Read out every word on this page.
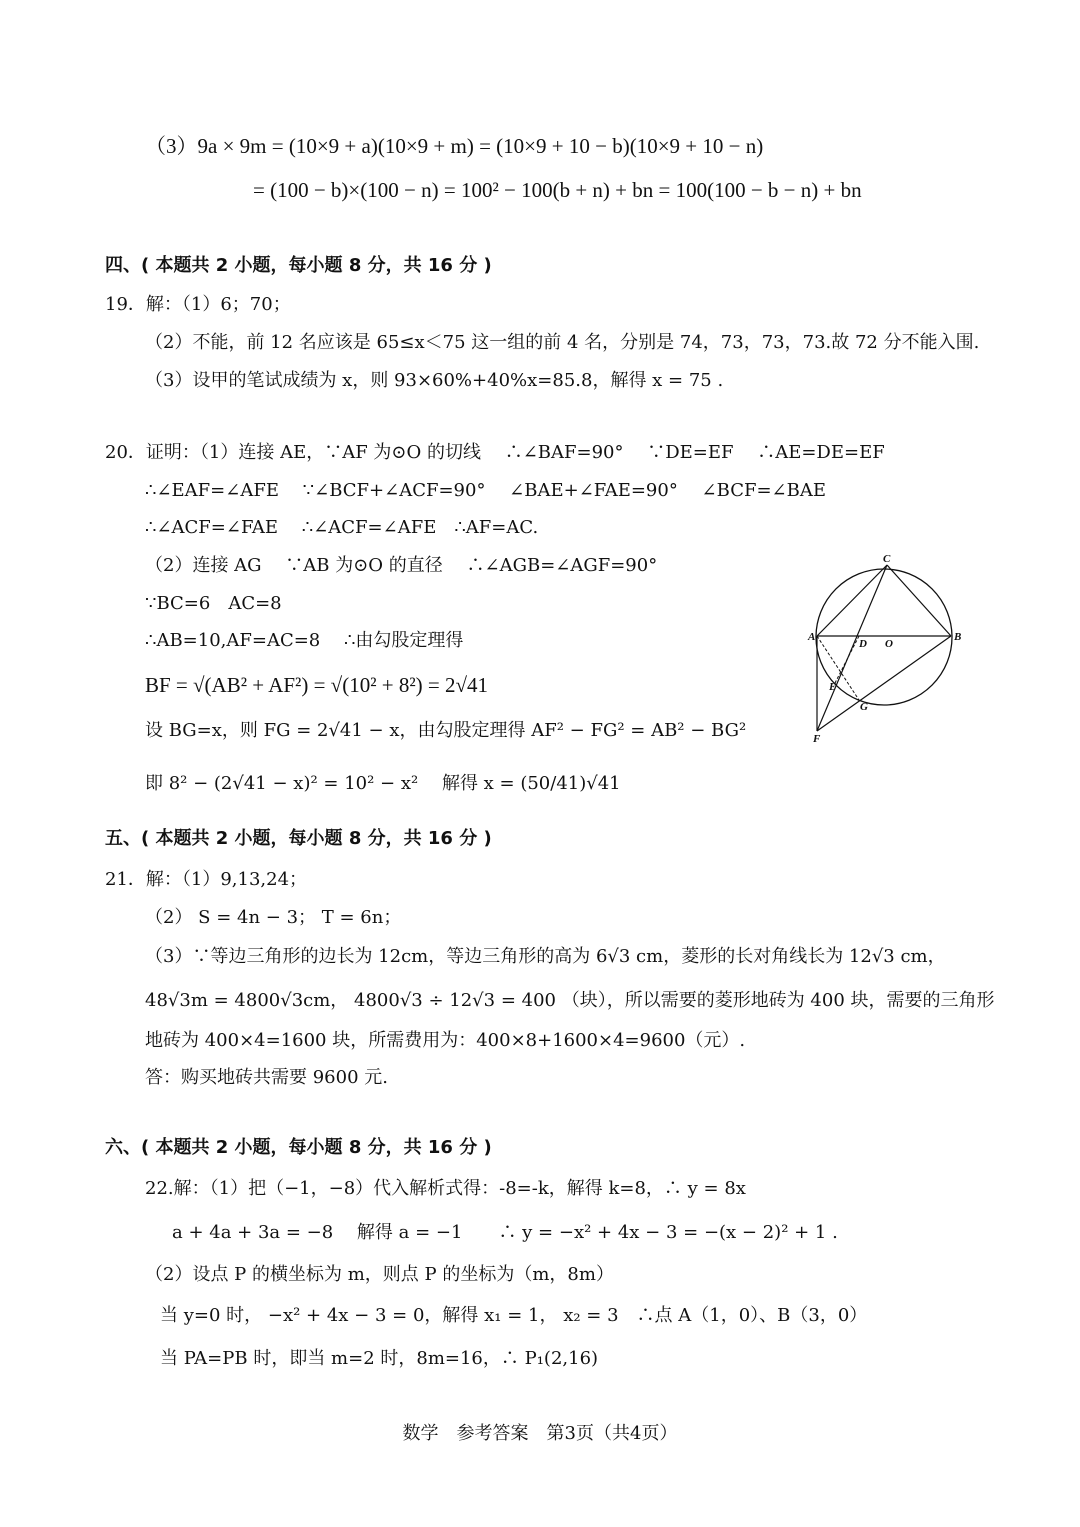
（3）9a × 9m = (10×9 + a)(10×9 + m) = (10×9 + 10 − b)(10×9 + 10 − n)
= (100 − b)×(100 − n) = 100² − 100(b + n) + bn = 100(100 − b − n) + bn
四、( 本题共 2 小题，每小题 8 分，共 16 分 )
19．解：（1）6；70；
（2）不能，前 12 名应该是 65≤x＜75 这一组的前 4 名，分别是 74，73，73，73.故 72 分不能入围.
（3）设甲的笔试成绩为 x，则 93×60%+40%x=85.8，解得 x = 75 .
20．证明：（1）连接 AE，∵AF 为⊙O 的切线　 ∴∠BAF=90°　 ∵DE=EF　 ∴AE=DE=EF
∴∠EAF=∠AFE　 ∵∠BCF+∠ACF=90°　 ∠BAE+∠FAE=90°　 ∠BCF=∠BAE
∴∠ACF=∠FAE　 ∴∠ACF=∠AFE　∴AF=AC.
（2）连接 AG　 ∵AB 为⊙O 的直径　 ∴∠AGB=∠AGF=90°
∵BC=6　AC=8
∴AB=10,AF=AC=8　 ∴由勾股定理得
BF = √(AB² + AF²) = √(10² + 8²) = 2√41
设 BG=x，则 FG = 2√41 − x，由勾股定理得 AF² − FG² = AB² − BG²
即 8² − (2√41 − x)² = 10² − x²　 解得 x = (50/41)√41
C
A	B
D O
E
G
F
五、( 本题共 2 小题，每小题 8 分，共 16 分 )
21．解：（1）9,13,24；
（2） S = 4n − 3； T = 6n；
（3）∵等边三角形的边长为 12cm，等边三角形的高为 6√3 cm，菱形的长对角线长为 12√3 cm，
48√3m = 4800√3cm， 4800√3 ÷ 12√3 = 400 （块），所以需要的菱形地砖为 400 块，需要的三角形
地砖为 400×4=1600 块，所需费用为：400×8+1600×4=9600（元）.
答：购买地砖共需要 9600 元.
六、( 本题共 2 小题，每小题 8 分，共 16 分 )
22.解：（1）把（−1，−8）代入解析式得：-8=-k，解得 k=8，∴ y = 8x
a + 4a + 3a = −8　 解得 a = −1　　∴ y = −x² + 4x − 3 = −(x − 2)² + 1 .
（2）设点 P 的横坐标为 m，则点 P 的坐标为（m，8m）
当 y=0 时， −x² + 4x − 3 = 0，解得 x₁ = 1， x₂ = 3　∴点 A（1，0）、B（3，0）
当 PA=PB 时，即当 m=2 时，8m=16，∴ P₁(2,16)
数学　参考答案　第3页（共4页）
